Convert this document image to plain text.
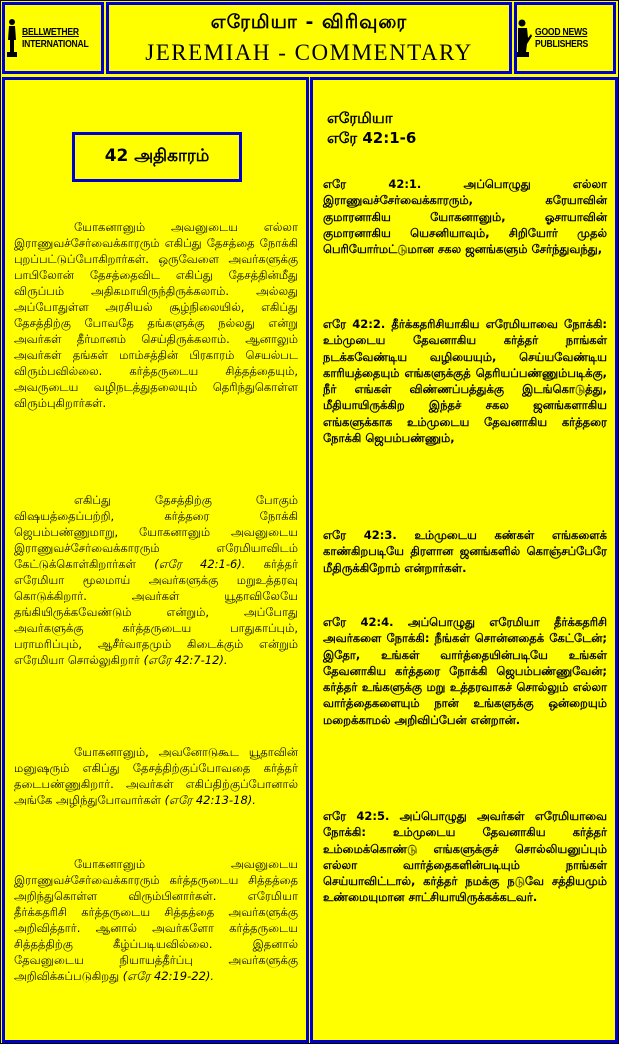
BELLWETHER
INTERNATIONAL
எரேமியா - விரிவுரை
JEREMIAH - COMMENTARY
GOOD NEWS
PUBLISHERS
42 அதிகாரம்

யோகனானும் அவனுடைய எல்லா இராணுவச்சேர்வைக்காரரும் எகிப்து தேசத்தை நோக்கி புறப்பட்டுப்போகிறார்கள். ஒருவேளை அவர்களுக்கு பாபிலோன் தேசத்தைவிட எகிப்து தேசத்தின்மீது விருப்பம் அதிகமாயிருந்திருக்கலாம். அல்லது அப்போதுள்ள அரசியல் சூழ்நிலையில், எகிப்து தேசத்திற்கு போவதே தங்களுக்கு நல்லது என்று அவர்கள் தீர்மானம் செய்திருக்கலாம். ஆனாலும் அவர்கள் தங்கள் மாம்சத்தின் பிரகாரம் செயல்பட விரும்பவில்லை. கர்த்தருடைய சித்தத்தையும், அவருடைய வழிநடத்துதலையும் தெரிந்துகொள்ள விரும்புகிறார்கள்.

எகிப்து தேசத்திற்கு போகும் விஷயத்தைப்பற்றி, கர்த்தரை நோக்கி ஜெபம்பண்ணுமாறு, யோகனானும் அவனுடைய இராணுவச்சேர்வைக்காரரும் எரேமியாவிடம் கேட்டுக்கொள்கிறார்கள் (எரே 42:1-6). கர்த்தர் எரேமியா மூலமாய் அவர்களுக்கு மறுஉத்தரவு கொடுக்கிறார். அவர்கள் யூதாவிலேயே தங்கியிருக்கவேண்டும் என்றும், அப்போது அவர்களுக்கு கர்த்தருடைய பாதுகாப்பும், பராமரிப்பும், ஆசீர்வாதமும் கிடைக்கும் என்றும் எரேமியா சொல்லுகிறார் (எரே 42:7-12).

யோகனானும், அவனோடுகூட யூதாவின் மனுஷரும் எகிப்து தேசத்திற்குப்போவதை கர்த்தர் தடைபண்ணுகிறார். அவர்கள் எகிப்திற்குப்போனால் அங்கே அழிந்துபோவார்கள் (எரே 42:13-18).

யோகனானும் அவனுடைய இராணுவச்சேர்வைக்காரரும் கர்த்தருடைய சித்தத்தை அறிந்துகொள்ள விரும்பினார்கள். எரேமியா தீர்க்கதரிசி கர்த்தருடைய சித்தத்தை அவர்களுக்கு அறிவித்தார். ஆனால் அவர்களோ கர்த்தருடைய சித்தத்திற்கு கீழ்ப்படியவில்லை. இதனால் தேவனுடைய நியாயத்தீர்ப்பு அவர்களுக்கு அறிவிக்கப்படுகிறது (எரே 42:19-22).

எரேமியா
எரே 42:1-6

எரே 42:1. அப்பொழுது எல்லா இராணுவச்சேர்வைக்காரரும், கரேயாவின் குமாரனாகிய யோகனானும், ஓசாயாவின் குமாரனாகிய யெசனியாவும், சிறியோர் முதல் பெரியோர்மட்டுமான சகல ஜனங்களும் சேர்ந்துவந்து,

எரே 42:2. தீர்க்கதரிசியாகிய எரேமியாவை நோக்கி: உம்முடைய தேவனாகிய கர்த்தர் நாங்கள் நடக்கவேண்டிய வழியையும், செய்யவேண்டிய காரியத்தையும் எங்களுக்குத் தெரியப்பண்ணும்படிக்கு, நீர் எங்கள் விண்ணப்பத்துக்கு இடங்கொடுத்து, மீதியாயிருக்கிற இந்தச் சகல ஜனங்களாகிய எங்களுக்காக உம்முடைய தேவனாகிய கர்த்தரை நோக்கி ஜெபம்பண்ணும்,

எரே 42:3. உம்முடைய கண்கள் எங்களைக் காண்கிறபடியே திரளான ஜனங்களில் கொஞ்சப்பேரே மீதிருக்கிறோம் என்றார்கள்.

எரே 42:4. அப்பொழுது எரேமியா தீர்க்கதரிசி அவர்களை நோக்கி: நீங்கள் சொன்னதைக் கேட்டேன்; இதோ, உங்கள் வார்த்தையின்படியே உங்கள் தேவனாகிய கர்த்தரை நோக்கி ஜெபம்பண்ணுவேன்; கர்த்தர் உங்களுக்கு மறு உத்தரவாகச் சொல்லும் எல்லா வார்த்தைகளையும் நான் உங்களுக்கு ஒன்றையும் மறைக்காமல் அறிவிப்பேன் என்றான்.

எரே 42:5. அப்பொழுது அவர்கள் எரேமியாவை நோக்கி: உம்முடைய தேவனாகிய கர்த்தர் உம்மைக்கொண்டு எங்களுக்குச் சொல்லியனுப்பும் எல்லா வார்த்தைகளின்படியும் நாங்கள் செய்யாவிட்டால், கர்த்தர் நமக்கு நடுவே சத்தியமும் உண்மையுமான சாட்சியாயிருக்கக்கடவர்.
